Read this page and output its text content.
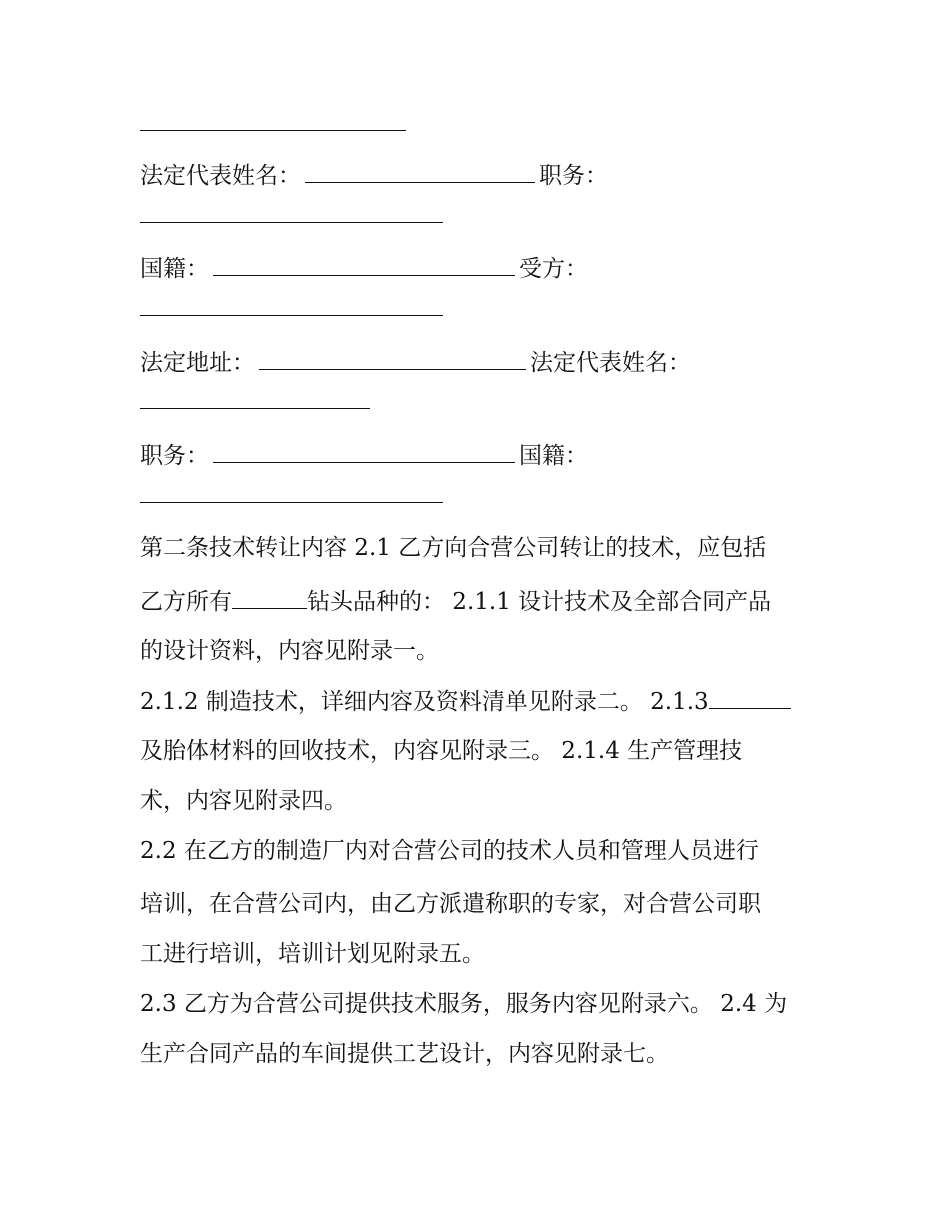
法定代表姓名：	职务：
国籍：	受方：
法定地址：	法定代表姓名：
职务：	国籍：
第二条技术转让内容 2.1 乙方向合营公司转让的技术，应包括
乙方所有	钻头品种的： 2.1.1 设计技术及全部合同产品
的设计资料，内容见附录一。
2.1.2 制造技术，详细内容及资料清单见附录二。 2.1.3
及胎体材料的回收技术，内容见附录三。 2.1.4 生产管理技
术，内容见附录四。
2.2 在乙方的制造厂内对合营公司的技术人员和管理人员进行
培训，在合营公司内，由乙方派遣称职的专家，对合营公司职
工进行培训，培训计划见附录五。
2.3 乙方为合营公司提供技术服务，服务内容见附录六。 2.4 为
生产合同产品的车间提供工艺设计，内容见附录七。
